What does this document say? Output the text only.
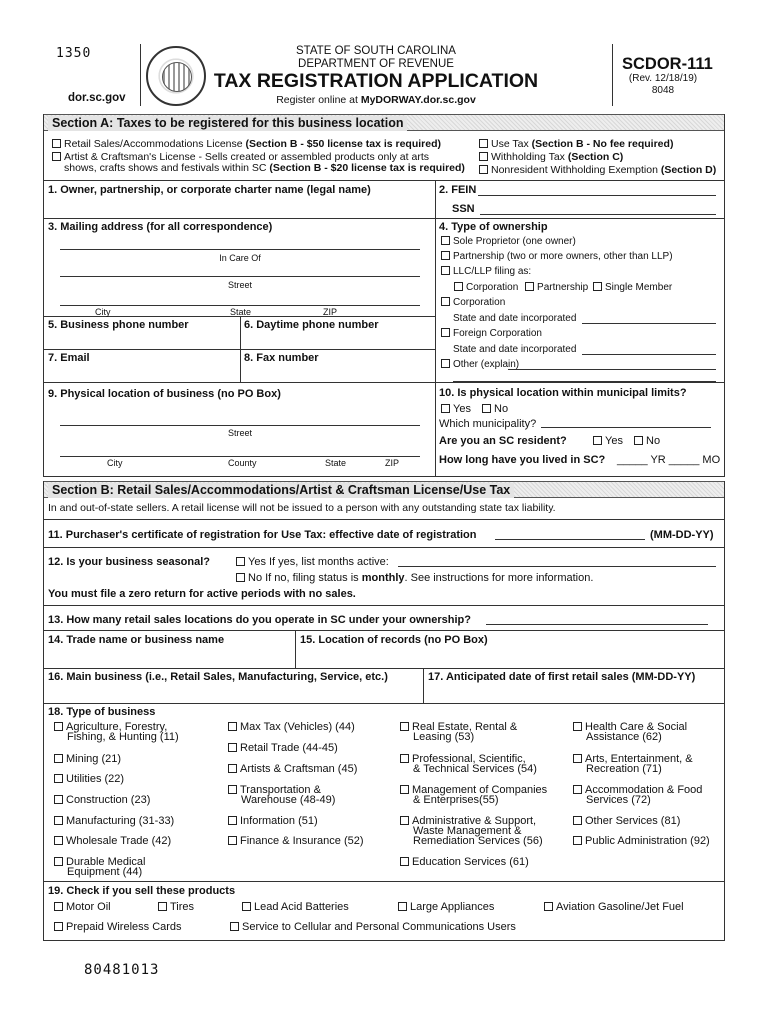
1350
dor.sc.gov
STATE OF SOUTH CAROLINA
DEPARTMENT OF REVENUE
TAX REGISTRATION APPLICATION
Register online at MyDORWAY.dor.sc.gov
SCDOR-111
(Rev. 12/18/19)
8048
Section A: Taxes to be registered for this business location
Retail Sales/Accommodations License (Section B - $50 license tax is required)
Artist & Craftsman's License - Sells created or assembled products only at arts
shows, crafts shows and festivals within SC (Section B - $20 license tax is required)
Use Tax (Section B - No fee required)
Withholding Tax (Section C)
Nonresident Withholding Exemption (Section D)
1. Owner, partnership, or corporate charter name (legal name)	2. FEIN
SSN
3. Mailing address (for all correspondence)
In Care Of
Street
City	State	ZIP
4. Type of ownership
Sole Proprietor (one owner)
Partnership (two or more owners, other than LLP)
LLC/LLP filing as:
Corporation Partnership Single Member
Corporation
State and date incorporated
Foreign Corporation
State and date incorporated
Other (explain)
5. Business phone number	6. Daytime phone number
7. Email	8. Fax number
9. Physical location of business (no PO Box)
Street
City	County	State	ZIP
10. Is physical location within municipal limits?
Yes No
Which municipality?
Are you an SC resident?	Yes No
How long have you lived in SC? _____ YR _____ MO
Section B: Retail Sales/Accommodations/Artist & Craftsman License/Use Tax
In and out-of-state sellers. A retail license will not be issued to a person with any outstanding state tax liability.
11. Purchaser's certificate of registration for Use Tax: effective date of registration	(MM-DD-YY)
12. Is your business seasonal?	Yes If yes, list months active:
No If no, filing status is monthly. See instructions for more information.
You must file a zero return for active periods with no sales.
13. How many retail sales locations do you operate in SC under your ownership?
14. Trade name or business name	15. Location of records (no PO Box)
16. Main business (i.e., Retail Sales, Manufacturing, Service, etc.)	17. Anticipated date of first retail sales (MM-DD-YY)
18. Type of business
Agriculture, Forestry,
Fishing, & Hunting (11)
Mining (21)
Utilities (22)
Construction (23)
Manufacturing (31-33)
Wholesale Trade (42)
Durable Medical
Equipment (44)
Max Tax (Vehicles) (44)
Retail Trade (44-45)
Artists & Craftsman (45)
Transportation &
Warehouse (48-49)
Information (51)
Finance & Insurance (52)
Real Estate, Rental &
Leasing (53)
Professional, Scientific,
& Technical Services (54)
Management of Companies
& Enterprises(55)
Administrative & Support,
Waste Management &
Remediation Services (56)
Education Services (61)
Health Care & Social
Assistance (62)
Arts, Entertainment, &
Recreation (71)
Accommodation & Food
Services (72)
Other Services (81)
Public Administration (92)
19. Check if you sell these products
Motor Oil	Tires	Lead Acid Batteries	Large Appliances	Aviation Gasoline/Jet Fuel
Prepaid Wireless Cards	Service to Cellular and Personal Communications Users
80481013
